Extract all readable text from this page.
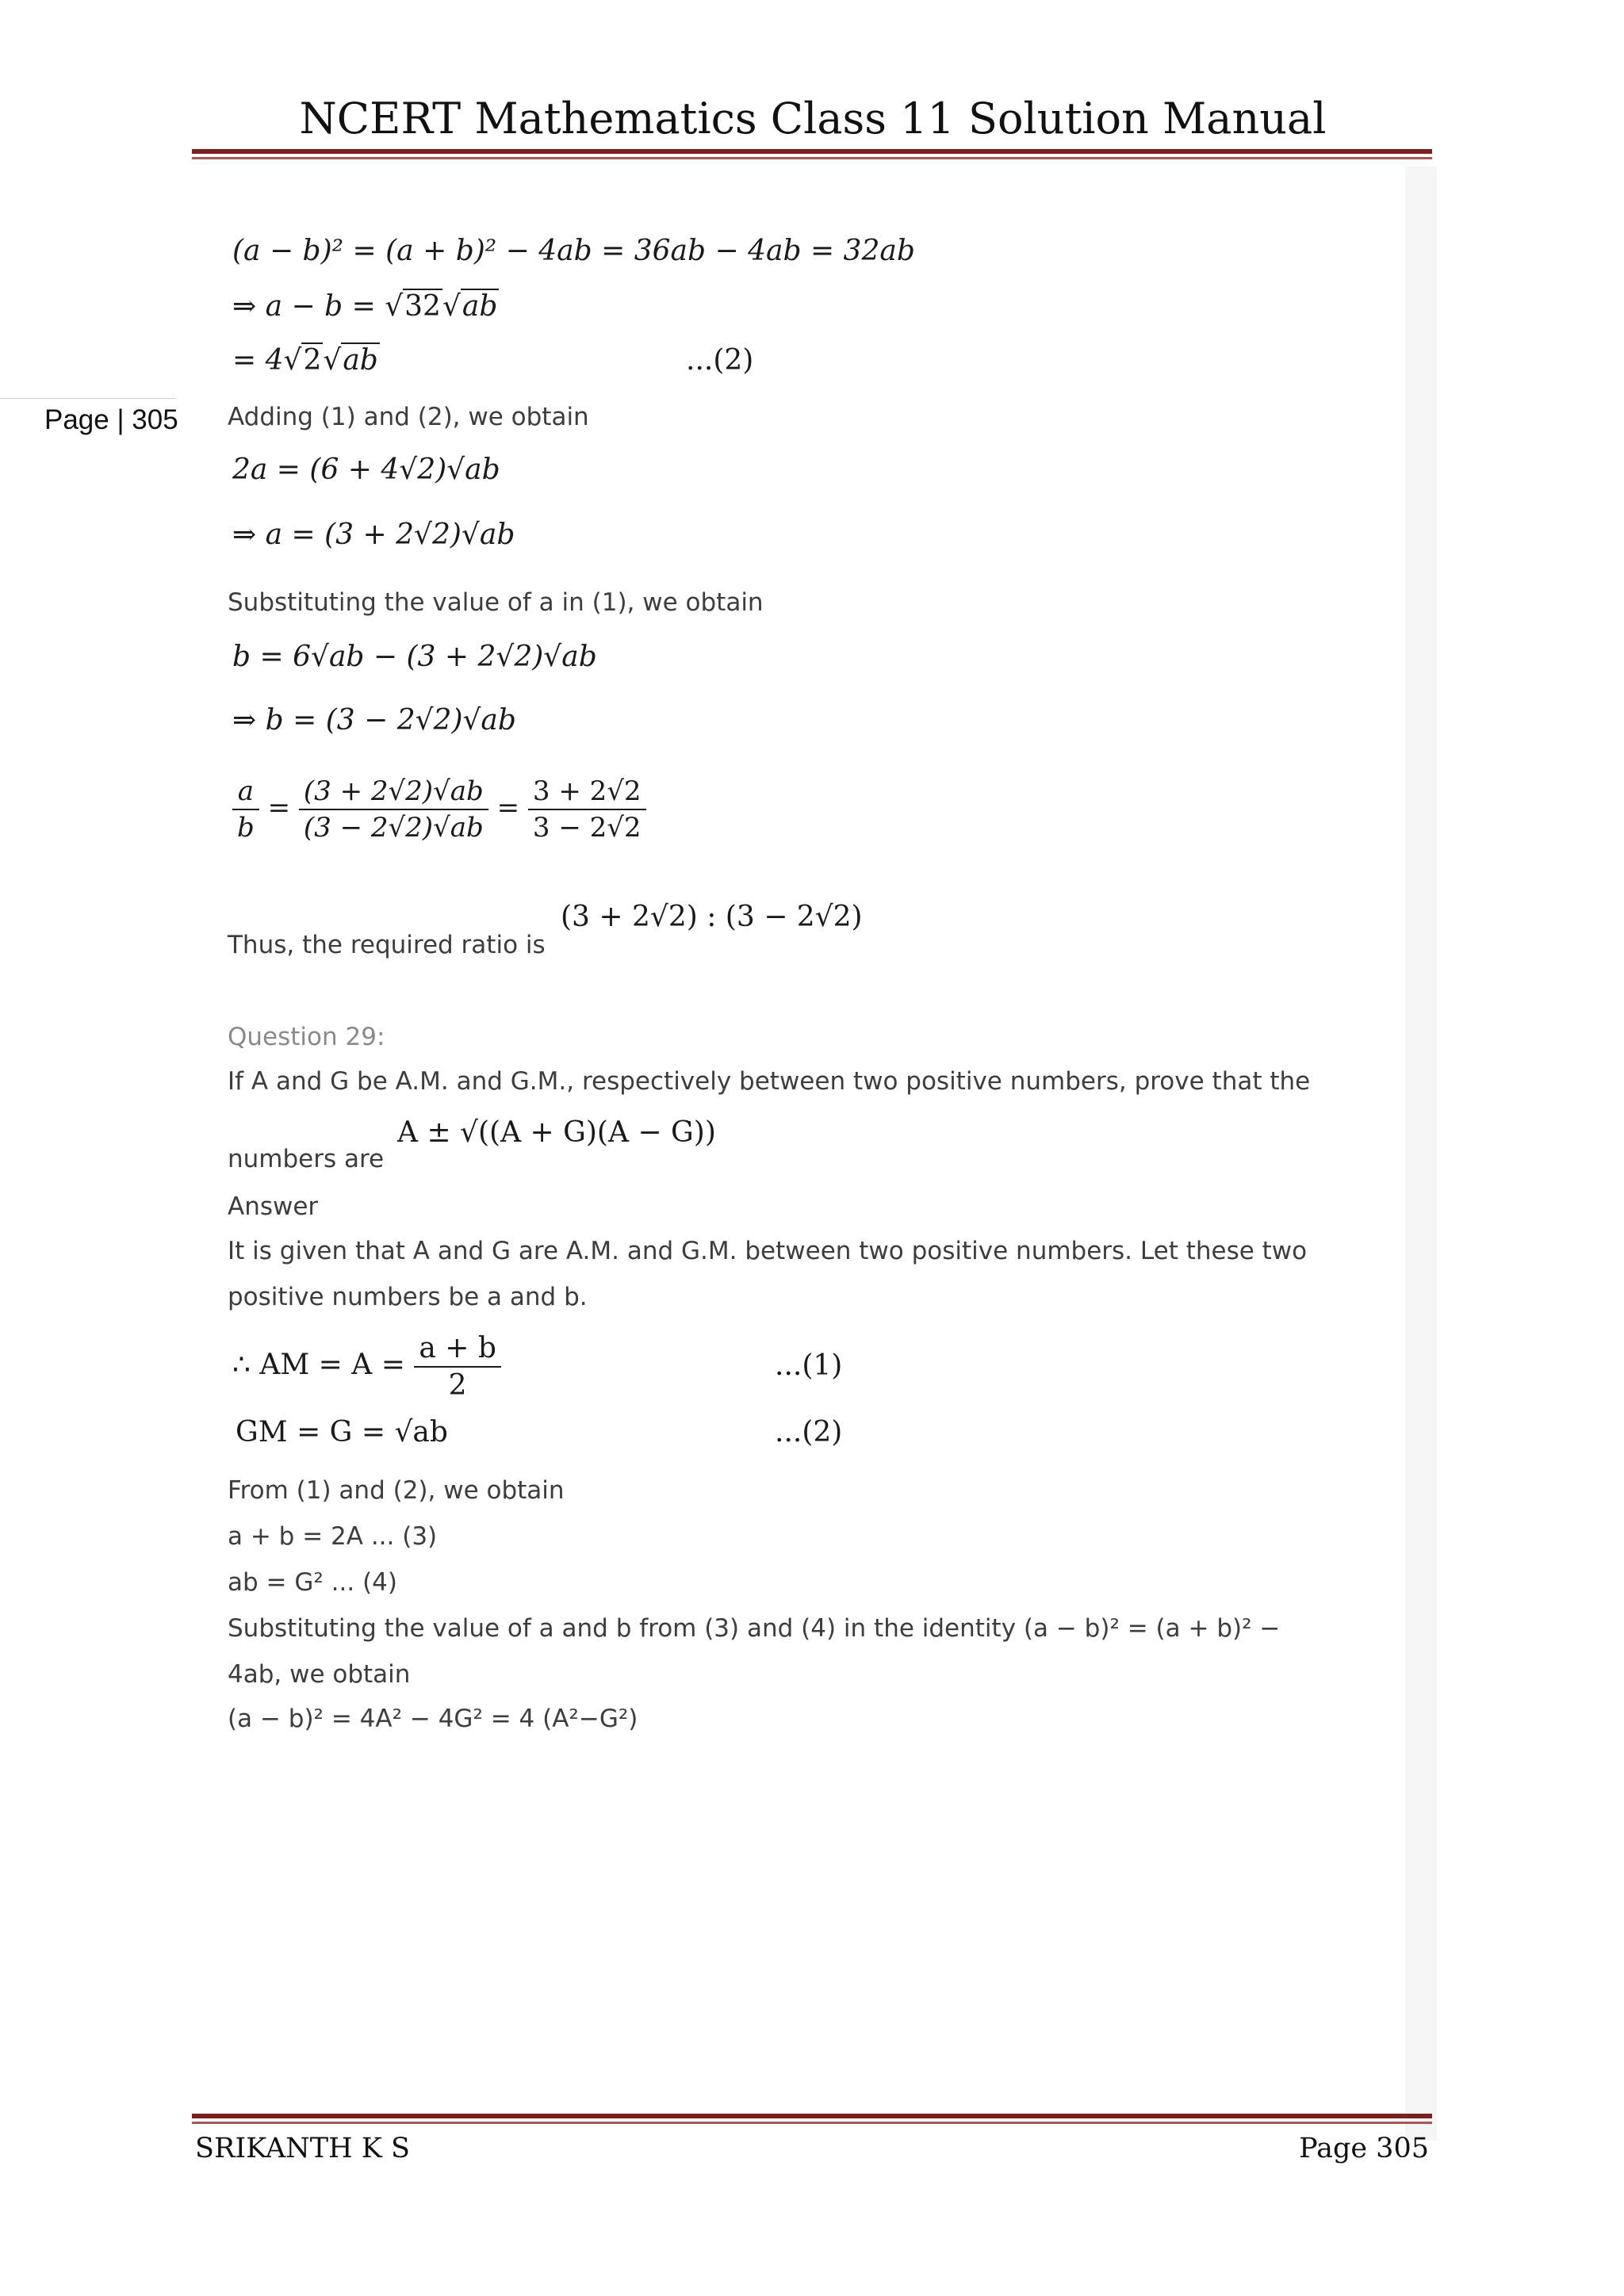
NCERT Mathematics Class 11 Solution Manual
Page | 305
(a − b)² = (a + b)² − 4ab = 36ab − 4ab = 32ab
⇒ a − b = √32√ab
= 4√2√ab	...(2)
Adding (1) and (2), we obtain
2a = (6 + 4√2)√ab
⇒ a = (3 + 2√2)√ab
Substituting the value of a in (1), we obtain
b = 6√ab − (3 + 2√2)√ab
⇒ b = (3 − 2√2)√ab
$\frac{a}{b} = \frac{(3 + 2√2)√ab}{(3 - 2√2)√ab} = \frac{3 + 2√2}{3 - 2√2}$
Thus, the required ratio is
(3 + 2√2) : (3 − 2√2)
Question 29:
If A and G be A.M. and G.M., respectively between two positive numbers, prove that the
numbers are
A ± √((A + G)(A − G))
Answer
It is given that A and G are A.M. and G.M. between two positive numbers. Let these two
positive numbers be a and b.
∴ AM = $A = \frac{a + b}{2}$	...(1)
GM = G = √ab	...(2)
From (1) and (2), we obtain
a + b = 2A ... (3)
ab = G² ... (4)
Substituting the value of a and b from (3) and (4) in the identity (a − b)² = (a + b)² −
4ab, we obtain
(a − b)² = 4A² − 4G² = 4 (A²−G²)
SRIKANTH K S	Page 305
